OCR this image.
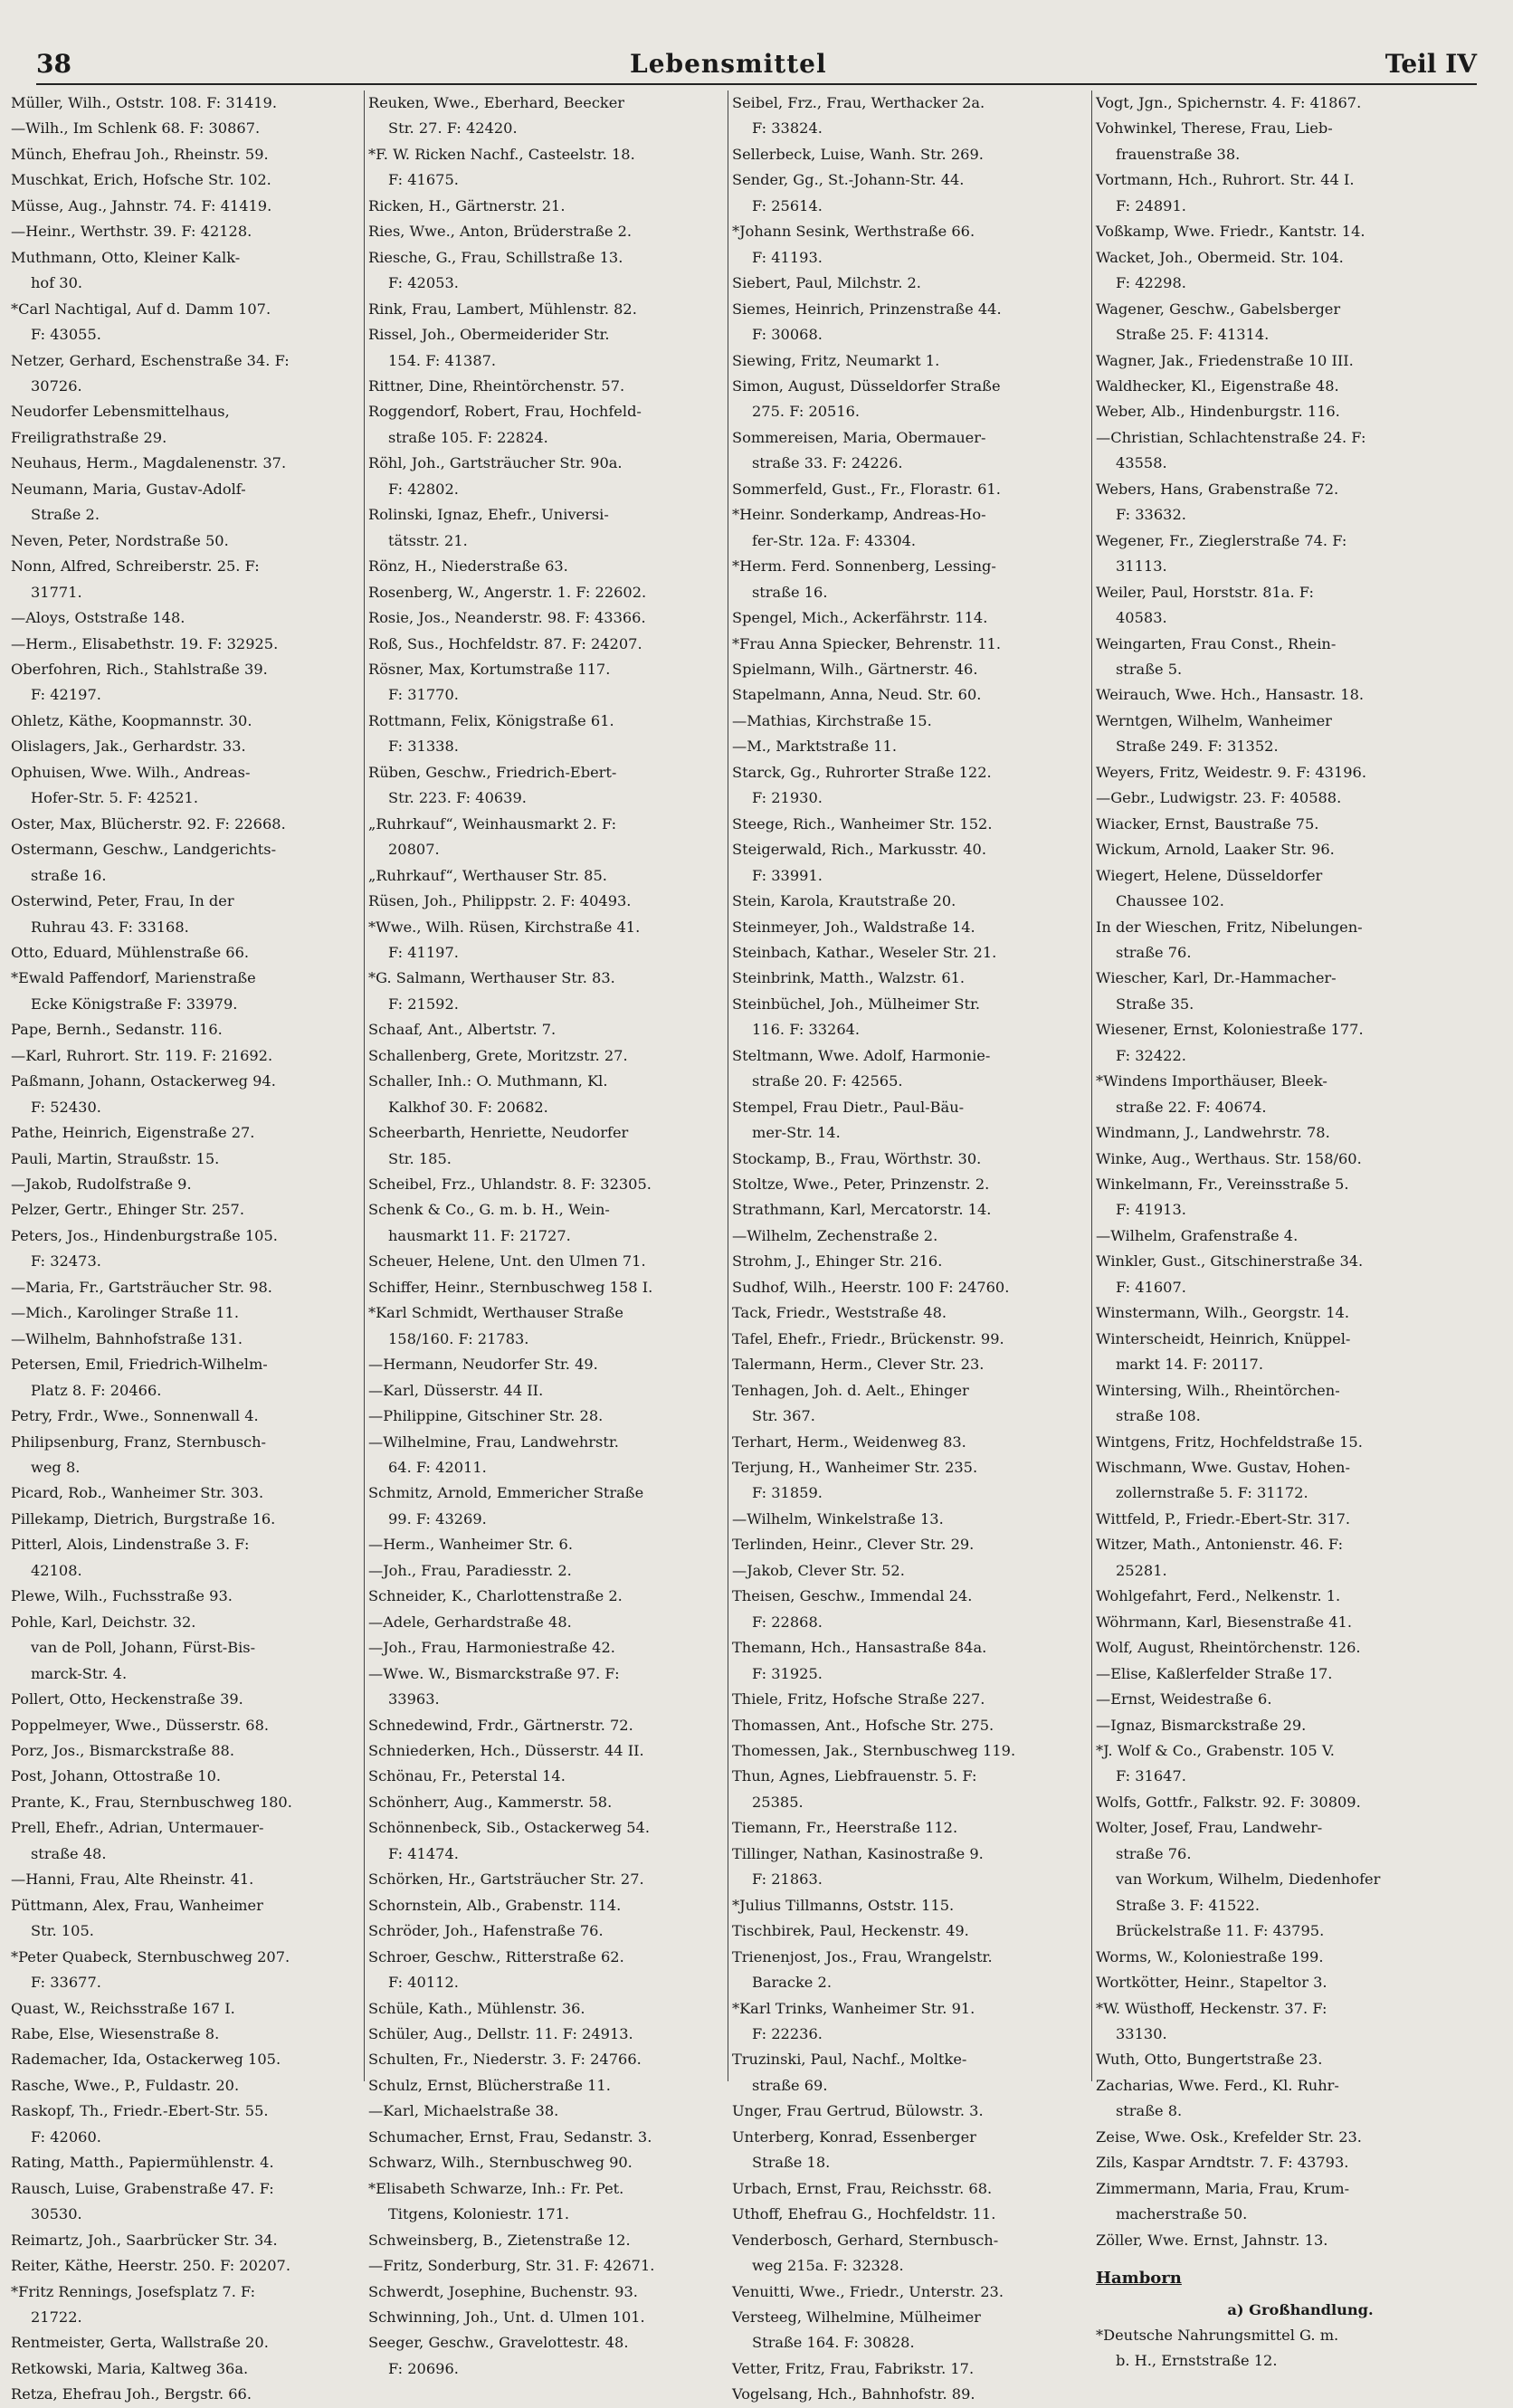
38	Lebensmittel	Teil IV
Müller, Wilh., Oststr. 108. F: 31419.
—Wilh., Im Schlenk 68. F: 30867.
Münch, Ehefrau Joh., Rheinstr. 59.
Muschkat, Erich, Hofsche Str. 102.
Müsse, Aug., Jahnstr. 74. F: 41419.
—Heinr., Werthstr. 39. F: 42128.
Muthmann, Otto, Kleiner Kalk-
hof 30.
*Carl Nachtigal, Auf d. Damm 107.
F: 43055.
Netzer, Gerhard, Eschenstraße 34. F:
30726.
Neudorfer Lebensmittelhaus,
Freiligrathstraße 29.
Neuhaus, Herm., Magdalenenstr. 37.
Neumann, Maria, Gustav-Adolf-
Straße 2.
Neven, Peter, Nordstraße 50.
Nonn, Alfred, Schreiberstr. 25. F:
31771.
—Aloys, Oststraße 148.
—Herm., Elisabethstr. 19. F: 32925.
Oberfohren, Rich., Stahlstraße 39.
F: 42197.
Ohletz, Käthe, Koopmannstr. 30.
Olislagers, Jak., Gerhardstr. 33.
Ophuisen, Wwe. Wilh., Andreas-
Hofer-Str. 5. F: 42521.
Oster, Max, Blücherstr. 92. F: 22668.
Ostermann, Geschw., Landgerichts-
straße 16.
Osterwind, Peter, Frau, In der
Ruhrau 43. F: 33168.
Otto, Eduard, Mühlenstraße 66.
*Ewald Paffendorf, Marienstraße
Ecke Königstraße F: 33979.
Pape, Bernh., Sedanstr. 116.
—Karl, Ruhrort. Str. 119. F: 21692.
Paßmann, Johann, Ostackerweg 94.
F: 52430.
Pathe, Heinrich, Eigenstraße 27.
Pauli, Martin, Straußstr. 15.
—Jakob, Rudolfstraße 9.
Pelzer, Gertr., Ehinger Str. 257.
Peters, Jos., Hindenburgstraße 105.
F: 32473.
—Maria, Fr., Gartsträucher Str. 98.
—Mich., Karolinger Straße 11.
—Wilhelm, Bahnhofstraße 131.
Petersen, Emil, Friedrich-Wilhelm-
Platz 8. F: 20466.
Petry, Frdr., Wwe., Sonnenwall 4.
Philipsenburg, Franz, Sternbusch-
weg 8.
Picard, Rob., Wanheimer Str. 303.
Pillekamp, Dietrich, Burgstraße 16.
Pitterl, Alois, Lindenstraße 3. F:
42108.
Plewe, Wilh., Fuchsstraße 93.
Pohle, Karl, Deichstr. 32.
van de Poll, Johann, Fürst-Bis-
marck-Str. 4.
Pollert, Otto, Heckenstraße 39.
Poppelmeyer, Wwe., Düsserstr. 68.
Porz, Jos., Bismarckstraße 88.
Post, Johann, Ottostraße 10.
Prante, K., Frau, Sternbuschweg 180.
Prell, Ehefr., Adrian, Untermauer-
straße 48.
—Hanni, Frau, Alte Rheinstr. 41.
Püttmann, Alex, Frau, Wanheimer
Str. 105.
*Peter Quabeck, Sternbuschweg 207.
F: 33677.
Quast, W., Reichsstraße 167 I.
Rabe, Else, Wiesenstraße 8.
Rademacher, Ida, Ostackerweg 105.
Rasche, Wwe., P., Fuldastr. 20.
Raskopf, Th., Friedr.-Ebert-Str. 55.
F: 42060.
Rating, Matth., Papiermühlenstr. 4.
Rausch, Luise, Grabenstraße 47. F:
30530.
Reimartz, Joh., Saarbrücker Str. 34.
Reiter, Käthe, Heerstr. 250. F: 20207.
*Fritz Rennings, Josefsplatz 7. F:
21722.
Rentmeister, Gerta, Wallstraße 20.
Retkowski, Maria, Kaltweg 36a.
Retza, Ehefrau Joh., Bergstr. 66.
Reuken, Wwe., Eberhard, Beecker
Str. 27. F: 42420.
*F. W. Ricken Nachf., Casteelstr. 18.
F: 41675.
Ricken, H., Gärtnerstr. 21.
Ries, Wwe., Anton, Brüderstraße 2.
Riesche, G., Frau, Schillstraße 13.
F: 42053.
Rink, Frau, Lambert, Mühlenstr. 82.
Rissel, Joh., Obermeiderider Str.
154. F: 41387.
Rittner, Dine, Rheintörchenstr. 57.
Roggendorf, Robert, Frau, Hochfeld-
straße 105. F: 22824.
Röhl, Joh., Gartsträucher Str. 90a.
F: 42802.
Rolinski, Ignaz, Ehefr., Universi-
tätsstr. 21.
Rönz, H., Niederstraße 63.
Rosenberg, W., Angerstr. 1. F: 22602.
Rosie, Jos., Neanderstr. 98. F: 43366.
Roß, Sus., Hochfeldstr. 87. F: 24207.
Rösner, Max, Kortumstraße 117.
F: 31770.
Rottmann, Felix, Königstraße 61.
F: 31338.
Rüben, Geschw., Friedrich-Ebert-
Str. 223. F: 40639.
„Ruhrkauf“, Weinhausmarkt 2. F:
20807.
„Ruhrkauf“, Werthauser Str. 85.
Rüsen, Joh., Philippstr. 2. F: 40493.
*Wwe., Wilh. Rüsen, Kirchstraße 41.
F: 41197.
*G. Salmann, Werthauser Str. 83.
F: 21592.
Schaaf, Ant., Albertstr. 7.
Schallenberg, Grete, Moritzstr. 27.
Schaller, Inh.: O. Muthmann, Kl.
Kalkhof 30. F: 20682.
Scheerbarth, Henriette, Neudorfer
Str. 185.
Scheibel, Frz., Uhlandstr. 8. F: 32305.
Schenk & Co., G. m. b. H., Wein-
hausmarkt 11. F: 21727.
Scheuer, Helene, Unt. den Ulmen 71.
Schiffer, Heinr., Sternbuschweg 158 I.
*Karl Schmidt, Werthauser Straße
158/160. F: 21783.
—Hermann, Neudorfer Str. 49.
—Karl, Düsserstr. 44 II.
—Philippine, Gitschiner Str. 28.
—Wilhelmine, Frau, Landwehrstr.
64. F: 42011.
Schmitz, Arnold, Emmericher Straße
99. F: 43269.
—Herm., Wanheimer Str. 6.
—Joh., Frau, Paradiesstr. 2.
Schneider, K., Charlottenstraße 2.
—Adele, Gerhardstraße 48.
—Joh., Frau, Harmoniestraße 42.
—Wwe. W., Bismarckstraße 97. F:
33963.
Schnedewind, Frdr., Gärtnerstr. 72.
Schniederken, Hch., Düsserstr. 44 II.
Schönau, Fr., Peterstal 14.
Schönherr, Aug., Kammerstr. 58.
Schönnenbeck, Sib., Ostackerweg 54.
F: 41474.
Schörken, Hr., Gartsträucher Str. 27.
Schornstein, Alb., Grabenstr. 114.
Schröder, Joh., Hafenstraße 76.
Schroer, Geschw., Ritterstraße 62.
F: 40112.
Schüle, Kath., Mühlenstr. 36.
Schüler, Aug., Dellstr. 11. F: 24913.
Schulten, Fr., Niederstr. 3. F: 24766.
Schulz, Ernst, Blücherstraße 11.
—Karl, Michaelstraße 38.
Schumacher, Ernst, Frau, Sedanstr. 3.
Schwarz, Wilh., Sternbuschweg 90.
*Elisabeth Schwarze, Inh.: Fr. Pet.
Titgens, Koloniestr. 171.
Schweinsberg, B., Zietenstraße 12.
—Fritz, Sonderburg, Str. 31. F: 42671.
Schwerdt, Josephine, Buchenstr. 93.
Schwinning, Joh., Unt. d. Ulmen 101.
Seeger, Geschw., Gravelottestr. 48.
F: 20696.
Seibel, Frz., Frau, Werthacker 2a.
F: 33824.
Sellerbeck, Luise, Wanh. Str. 269.
Sender, Gg., St.-Johann-Str. 44.
F: 25614.
*Johann Sesink, Werthstraße 66.
F: 41193.
Siebert, Paul, Milchstr. 2.
Siemes, Heinrich, Prinzenstraße 44.
F: 30068.
Siewing, Fritz, Neumarkt 1.
Simon, August, Düsseldorfer Straße
275. F: 20516.
Sommereisen, Maria, Obermauer-
straße 33. F: 24226.
Sommerfeld, Gust., Fr., Florastr. 61.
*Heinr. Sonderkamp, Andreas-Ho-
fer-Str. 12a. F: 43304.
*Herm. Ferd. Sonnenberg, Lessing-
straße 16.
Spengel, Mich., Ackerfährstr. 114.
*Frau Anna Spiecker, Behrenstr. 11.
Spielmann, Wilh., Gärtnerstr. 46.
Stapelmann, Anna, Neud. Str. 60.
—Mathias, Kirchstraße 15.
—M., Marktstraße 11.
Starck, Gg., Ruhrorter Straße 122.
F: 21930.
Steege, Rich., Wanheimer Str. 152.
Steigerwald, Rich., Markusstr. 40.
F: 33991.
Stein, Karola, Krautstraße 20.
Steinmeyer, Joh., Waldstraße 14.
Steinbach, Kathar., Weseler Str. 21.
Steinbrink, Matth., Walzstr. 61.
Steinbüchel, Joh., Mülheimer Str.
116. F: 33264.
Steltmann, Wwe. Adolf, Harmonie-
straße 20. F: 42565.
Stempel, Frau Dietr., Paul-Bäu-
mer-Str. 14.
Stockamp, B., Frau, Wörthstr. 30.
Stoltze, Wwe., Peter, Prinzenstr. 2.
Strathmann, Karl, Mercatorstr. 14.
—Wilhelm, Zechenstraße 2.
Strohm, J., Ehinger Str. 216.
Sudhof, Wilh., Heerstr. 100 F: 24760.
Tack, Friedr., Weststraße 48.
Tafel, Ehefr., Friedr., Brückenstr. 99.
Talermann, Herm., Clever Str. 23.
Tenhagen, Joh. d. Aelt., Ehinger
Str. 367.
Terhart, Herm., Weidenweg 83.
Terjung, H., Wanheimer Str. 235.
F: 31859.
—Wilhelm, Winkelstraße 13.
Terlinden, Heinr., Clever Str. 29.
—Jakob, Clever Str. 52.
Theisen, Geschw., Immendal 24.
F: 22868.
Themann, Hch., Hansastraße 84a.
F: 31925.
Thiele, Fritz, Hofsche Straße 227.
Thomassen, Ant., Hofsche Str. 275.
Thomessen, Jak., Sternbuschweg 119.
Thun, Agnes, Liebfrauenstr. 5. F:
25385.
Tiemann, Fr., Heerstraße 112.
Tillinger, Nathan, Kasinostraße 9.
F: 21863.
*Julius Tillmanns, Oststr. 115.
Tischbirek, Paul, Heckenstr. 49.
Trienenjost, Jos., Frau, Wrangelstr.
Baracke 2.
*Karl Trinks, Wanheimer Str. 91.
F: 22236.
Truzinski, Paul, Nachf., Moltke-
straße 69.
Unger, Frau Gertrud, Bülowstr. 3.
Unterberg, Konrad, Essenberger
Straße 18.
Urbach, Ernst, Frau, Reichsstr. 68.
Uthoff, Ehefrau G., Hochfeldstr. 11.
Venderbosch, Gerhard, Sternbusch-
weg 215a. F: 32328.
Venuitti, Wwe., Friedr., Unterstr. 23.
Versteeg, Wilhelmine, Mülheimer
Straße 164. F: 30828.
Vetter, Fritz, Frau, Fabrikstr. 17.
Vogelsang, Hch., Bahnhofstr. 89.
Vogt, Jgn., Spichernstr. 4. F: 41867.
Vohwinkel, Therese, Frau, Lieb-
frauenstraße 38.
Vortmann, Hch., Ruhrort. Str. 44 I.
F: 24891.
Voßkamp, Wwe. Friedr., Kantstr. 14.
Wacket, Joh., Obermeid. Str. 104.
F: 42298.
Wagener, Geschw., Gabelsberger
Straße 25. F: 41314.
Wagner, Jak., Friedenstraße 10 III.
Waldhecker, Kl., Eigenstraße 48.
Weber, Alb., Hindenburgstr. 116.
—Christian, Schlachtenstraße 24. F:
43558.
Webers, Hans, Grabenstraße 72.
F: 33632.
Wegener, Fr., Zieglerstraße 74. F:
31113.
Weiler, Paul, Horststr. 81a. F:
40583.
Weingarten, Frau Const., Rhein-
straße 5.
Weirauch, Wwe. Hch., Hansastr. 18.
Werntgen, Wilhelm, Wanheimer
Straße 249. F: 31352.
Weyers, Fritz, Weidestr. 9. F: 43196.
—Gebr., Ludwigstr. 23. F: 40588.
Wiacker, Ernst, Baustraße 75.
Wickum, Arnold, Laaker Str. 96.
Wiegert, Helene, Düsseldorfer
Chaussee 102.
In der Wieschen, Fritz, Nibelungen-
straße 76.
Wiescher, Karl, Dr.-Hammacher-
Straße 35.
Wiesener, Ernst, Koloniestraße 177.
F: 32422.
*Windens Importhäuser, Bleek-
straße 22. F: 40674.
Windmann, J., Landwehrstr. 78.
Winke, Aug., Werthaus. Str. 158/60.
Winkelmann, Fr., Vereinsstraße 5.
F: 41913.
—Wilhelm, Grafenstraße 4.
Winkler, Gust., Gitschinerstraße 34.
F: 41607.
Winstermann, Wilh., Georgstr. 14.
Winterscheidt, Heinrich, Knüppel-
markt 14. F: 20117.
Wintersing, Wilh., Rheintörchen-
straße 108.
Wintgens, Fritz, Hochfeldstraße 15.
Wischmann, Wwe. Gustav, Hohen-
zollernstraße 5. F: 31172.
Wittfeld, P., Friedr.-Ebert-Str. 317.
Witzer, Math., Antonienstr. 46. F:
25281.
Wohlgefahrt, Ferd., Nelkenstr. 1.
Wöhrmann, Karl, Biesenstraße 41.
Wolf, August, Rheintörchenstr. 126.
—Elise, Kaßlerfelder Straße 17.
—Ernst, Weidestraße 6.
—Ignaz, Bismarckstraße 29.
*J. Wolf & Co., Grabenstr. 105 V.
F: 31647.
Wolfs, Gottfr., Falkstr. 92. F: 30809.
Wolter, Josef, Frau, Landwehr-
straße 76.
van Workum, Wilhelm, Diedenhofer
Straße 3. F: 41522.
Brückelstraße 11. F: 43795.
Worms, W., Koloniestraße 199.
Wortkötter, Heinr., Stapeltor 3.
*W. Wüsthoff, Heckenstr. 37. F:
33130.
Wuth, Otto, Bungertstraße 23.
Zacharias, Wwe. Ferd., Kl. Ruhr-
straße 8.
Zeise, Wwe. Osk., Krefelder Str. 23.
Zils, Kaspar Arndtstr. 7. F: 43793.
Zimmermann, Maria, Frau, Krum-
macherstraße 50.
Zöller, Wwe. Ernst, Jahnstr. 13.
Hamborn
a) Großhandlung.
*Deutsche Nahrungsmittel G. m.
b. H., Ernststraße 12.
